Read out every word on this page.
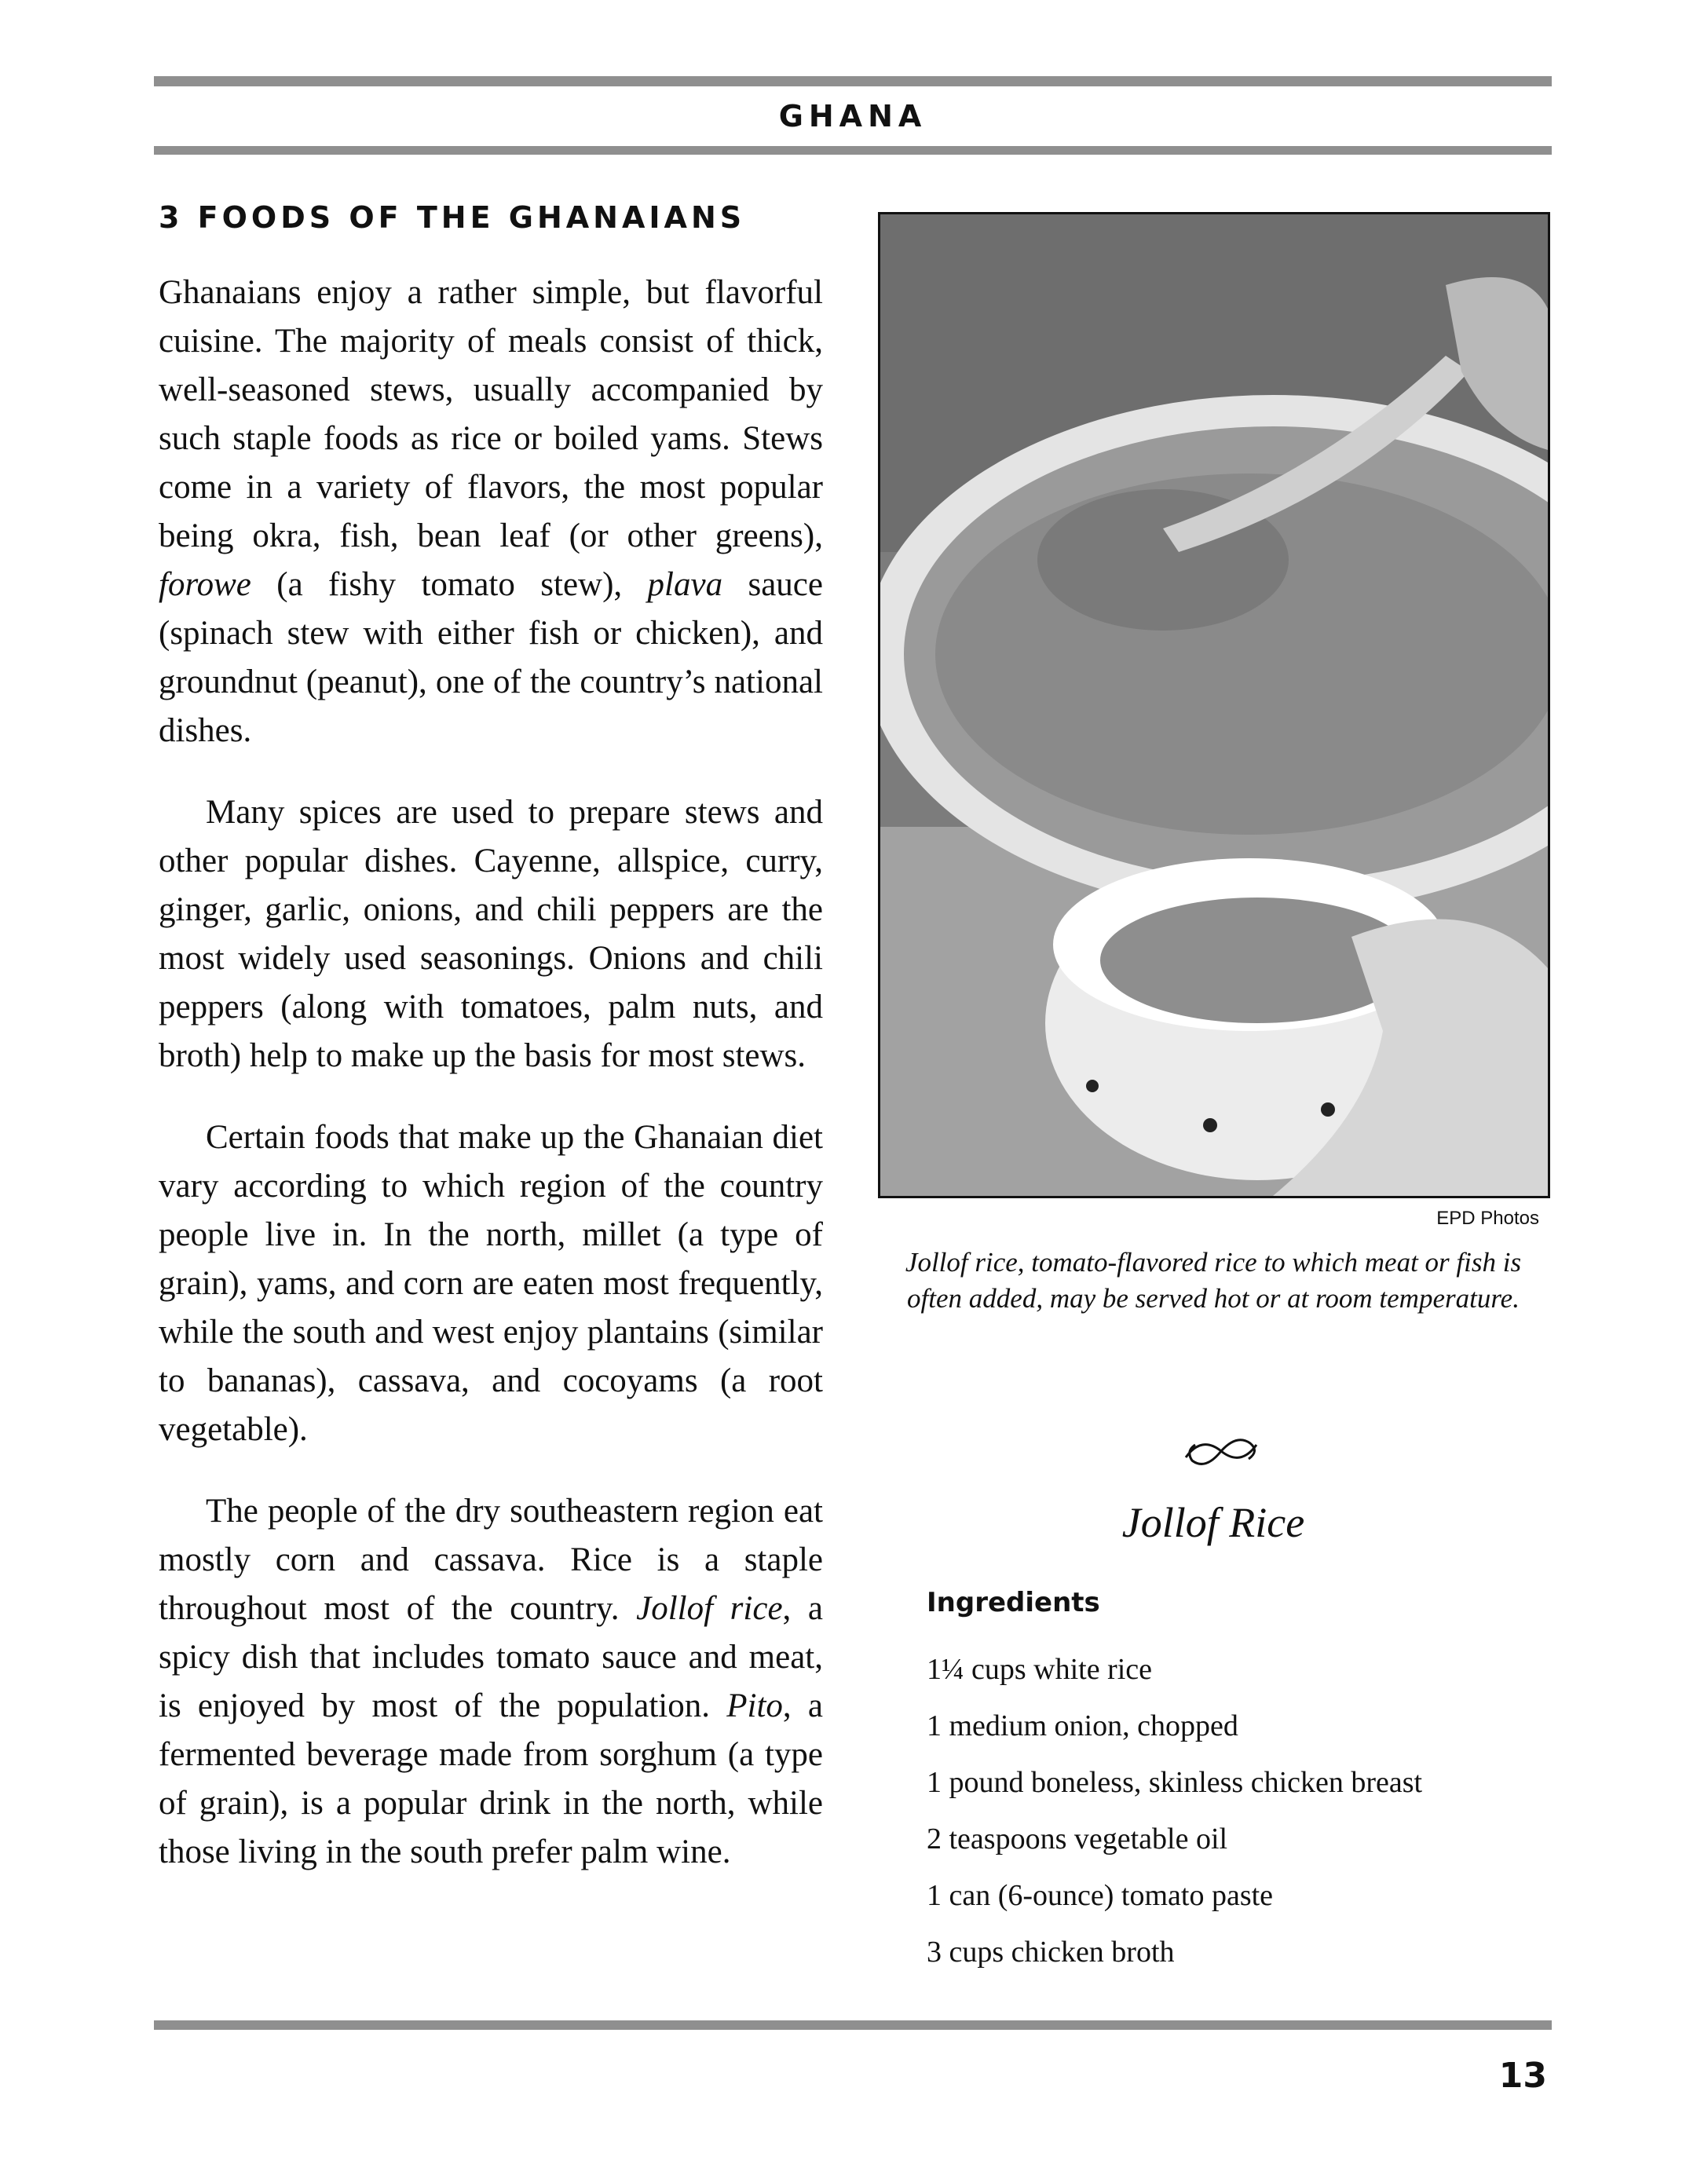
GHANA
3 FOODS OF THE GHANAIANS

Ghanaians enjoy a rather simple, but flavorful cuisine. The majority of meals consist of thick, well-seasoned stews, usually accompanied by such staple foods as rice or boiled yams. Stews come in a variety of flavors, the most popular being okra, fish, bean leaf (or other greens), forowe (a fishy tomato stew), plava sauce (spinach stew with either fish or chicken), and groundnut (peanut), one of the country’s national dishes.

Many spices are used to prepare stews and other popular dishes. Cayenne, allspice, curry, ginger, garlic, onions, and chili peppers are the most widely used seasonings. Onions and chili peppers (along with tomatoes, palm nuts, and broth) help to make up the basis for most stews.

Certain foods that make up the Ghanaian diet vary according to which region of the country people live in. In the north, millet (a type of grain), yams, and corn are eaten most frequently, while the south and west enjoy plantains (similar to bananas), cassava, and cocoyams (a root vegetable).

The people of the dry southeastern region eat mostly corn and cassava. Rice is a staple throughout most of the country. Jollof rice, a spicy dish that includes tomato sauce and meat, is enjoyed by most of the population. Pito, a fermented beverage made from sorghum (a type of grain), is a popular drink in the north, while those living in the south prefer palm wine.

EPD Photos
Jollof rice, tomato-flavored rice to which meat or fish is often added, may be served hot or at room temperature.
Jollof Rice
Ingredients
1¼ cups white rice
1 medium onion, chopped
1 pound boneless, skinless chicken breast
2 teaspoons vegetable oil
1 can (6-ounce) tomato paste
3 cups chicken broth
13
